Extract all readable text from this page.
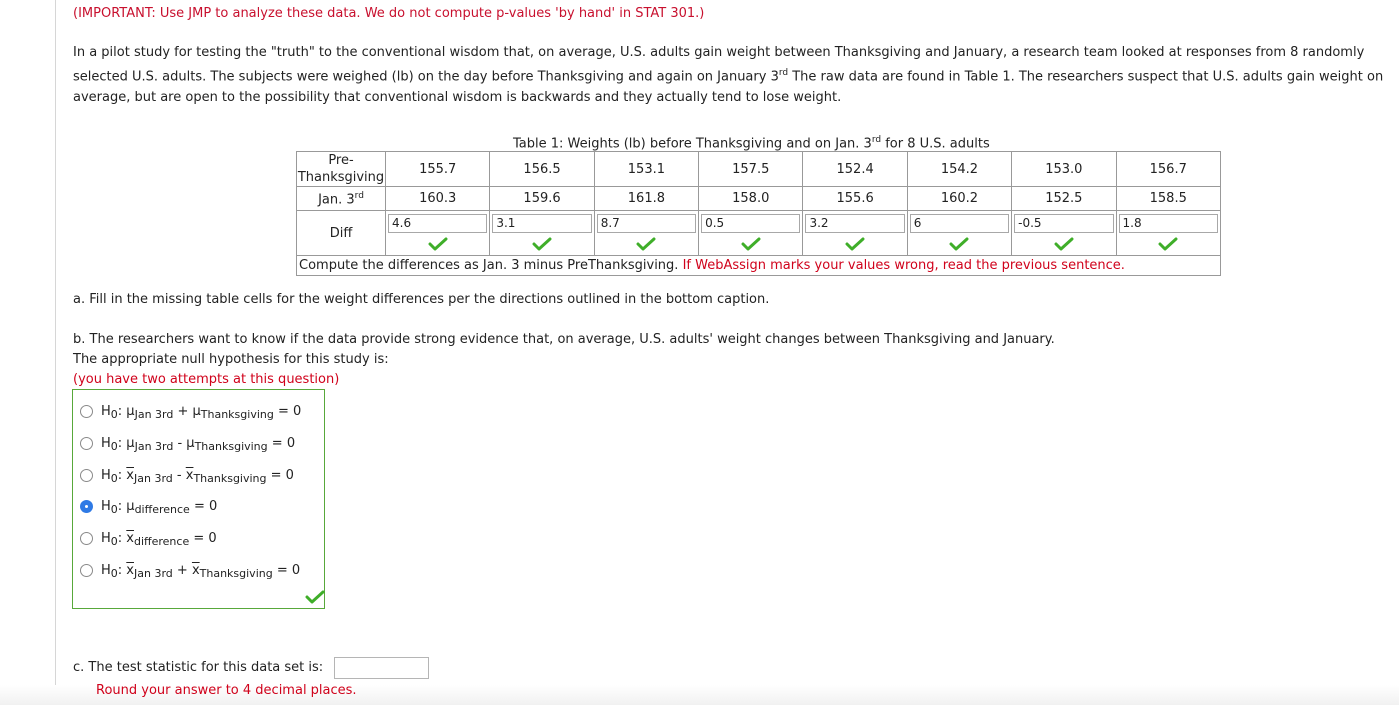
(IMPORTANT: Use JMP to analyze these data. We do not compute p-values 'by hand' in STAT 301.)
In a pilot study for testing the "truth" to the conventional wisdom that, on average, U.S. adults gain weight between Thanksgiving and January, a research team looked at responses from 8 randomly selected U.S. adults. The subjects were weighed (lb) on the day before Thanksgiving and again on January 3rd The raw data are found in Table 1. The researchers suspect that U.S. adults gain weight on average, but are open to the possibility that conventional wisdom is backwards and they actually tend to lose weight.
Table 1: Weights (lb) before Thanksgiving and on Jan. 3rd for 8 U.S. adults
Pre-Thanksgiving	155.7	156.5	153.1	157.5	152.4	154.2	153.0	156.7
Jan. 3rd	160.3	159.6	161.8	158.0	155.6	160.2	152.5	158.5
Diff	4.6	3.1	8.7	0.5	3.2	6	-0.5	1.8

Compute the differences as Jan. 3 minus PreThanksgiving. If WebAssign marks your values wrong, read the previous sentence.								
a. Fill in the missing table cells for the weight differences per the directions outlined in the bottom caption.
b. The researchers want to know if the data provide strong evidence that, on average, U.S. adults' weight changes between Thanksgiving and January.
The appropriate null hypothesis for this study is:
(you have two attempts at this question)
$H_0$: $\mu_{Jan 3rd} + \mu_{Thanksgiving} = 0$
$H_0$: $\mu_{Jan 3rd} - \mu_{Thanksgiving} = 0$
$H_0$: $\overline{x}_{Jan 3rd} - \overline{x}_{Thanksgiving} = 0$
$H_0$: $\mu_{difference} = 0$
$H_0$: $\overline{x}_{difference} = 0$
$H_0$: $\overline{x}_{Jan 3rd} + \overline{x}_{Thanksgiving} = 0$
c. The test statistic for this data set is:
Round your answer to 4 decimal places.
